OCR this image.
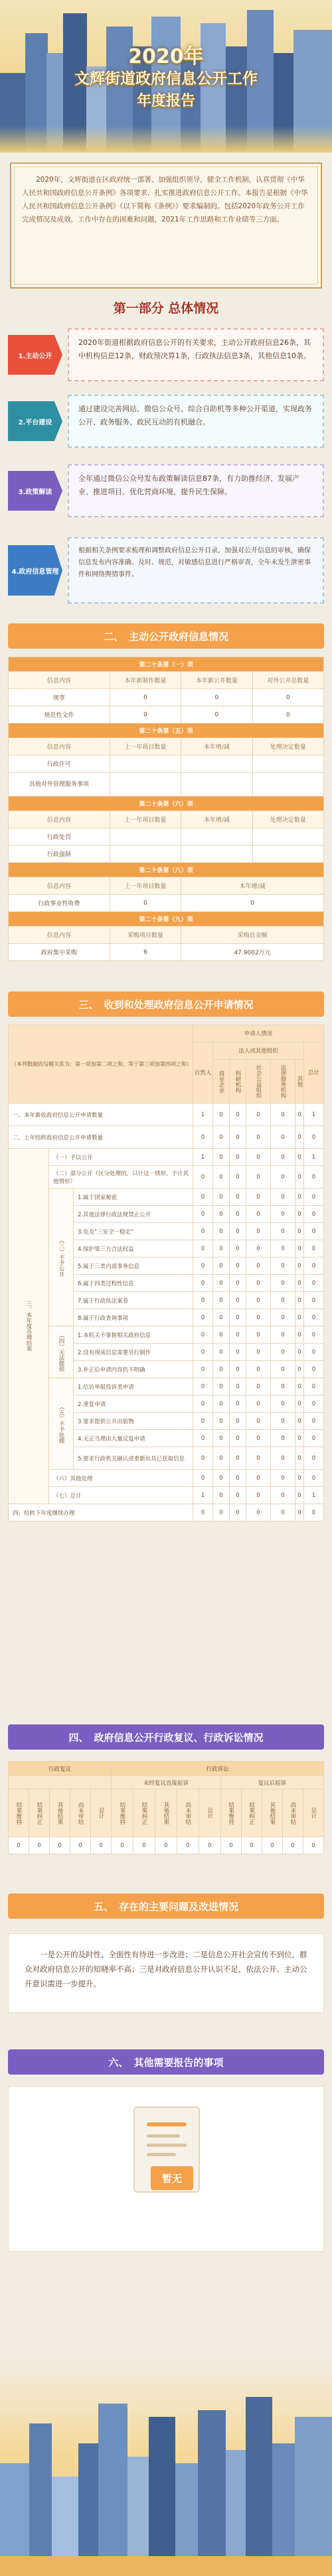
2020年
文辉街道政府信息公开工作
年度报告

2020年，文辉街道在区政府统一部署、加强组织领导，健全工作机制，认真贯彻《中华人民共和国政府信息公开条例》各项要求，扎实推进政府信息公开工作。本报告是根据《中华人民共和国政府信息公开条例》（以下简称《条例》）要求编制的。包括2020年政务公开工作完成情况及成效，工作中存在的困难和问题，2021年工作思路和工作业绩等三方面。

第一部分 总体情况
1.主动公开
2020年街道根据政府信息公开的有关要求，主动公开政府信息26条，其中机构信息12条，财政预决算1条，行政执法信息3条，其他信息10条。
2.平台建设
通过建设完善网站、微信公众号、综合自助机等多种公开渠道，实现政务公开、政务服务、政民互动的有机融合。
3.政策解读
全年通过微信公众号发布政策解读信息87条，有力助推经济、发展产业、推进项目、优化营商环境，提升民生保障。
4.政府信息管理
根据相关条例要求梳理和调整政府信息公开目录，加强对公开信息的审核，确保信息发布内容准确、及时、规范，对敏感信息进行严格审查，全年未发生泄密事件和网络舆情事件。
二、 主动公开政府信息情况
第二十条第（一）项			
信息内容	本年新制作数量	本年新公开数量	对外公开总数量
规章	0	0	0
规范性文件	0	0	0
第二十条第（五）项			
信息内容	上一年项目数量	本年增/减	处理决定数量
行政许可			
其他对外管理服务事项			
第二十条第（六）项			
信息内容	上一年项目数量	本年增/减	处理决定数量
行政处罚			
行政强制			
第二十条第（八）项			
信息内容	上一年项目数量	本年增/减	
行政事业性收费	0	0	
第二十条第（九）项			
信息内容	采购项目数量	采购总金额	
政府集中采购	6	47.9002万元	
三、 收到和处理政府信息公开申请情况
（本列数据的勾稽关系为：第一项加第二项之和，等于第三项加第四项之和）			申请人情况						
			自然人	法人或其他组织					总计
				商业企业	科研机构	社会公益组织	法律服务机构	其他	
一、本年新收政府信息公开申请数量			1	0	0	0	0	0	1
二、上年结转政府信息公开申请数量			0	0	0	0	0	0	0
三、本年度办理结果	（一）予以公开		1	0	0	0	0	0	1
	（二）部分公开（区分处理的，只计这一情形，不计其他情形）		0	0	0	0	0	0	0
	（三）不予公开	1.属于国家秘密	0	0	0	0	0	0	0
		2.其他法律行政法规禁止公开	0	0	0	0	0	0	0
		3.危及"三安全一稳定"	0	0	0	0	0	0	0
		4.保护第三方合法权益	0	0	0	0	0	0	0
		5.属于三类内部事务信息	0	0	0	0	0	0	0
		6.属于四类过程性信息	0	0	0	0	0	0	0
		7.属于行政执法案卷	0	0	0	0	0	0	0
		8.属于行政查询事项	0	0	0	0	0	0	0
	（四）无法提供	1.本机关不掌握相关政府信息	0	0	0	0	0	0	0
		2.没有现成信息需要另行制作	0	0	0	0	0	0	0
		3.补正后申请内容仍不明确	0	0	0	0	0	0	0
	（五）不予处理	1.信访举报投诉类申请	0	0	0	0	0	0	0
		2.重复申请	0	0	0	0	0	0	0
		3.要求提供公开出版物	0	0	0	0	0	0	0
		4.无正当理由大量反复申请	0	0	0	0	0	0	0
		5.要求行政机关确认或重新出具已获取信息	0	0	0	0	0	0	0
	（六）其他处理		0	0	0	0	0	0	0
	（七）总计		1	0	0	0	0	0	1
四、结转下年度继续办理			0	0	0	0	0	0	0
四、 政府信息公开行政复议、行政诉讼情况
行政复议					行政诉讼									
					未经复议直接起诉					复议后起诉				
结果维持	结果纠正	其他结果	尚未审结	总计	结果维持	结果纠正	其他结果	尚未审结	总计	结果维持	结果纠正	其他结果	尚未审结	总计
0	0	0	0	0	0	0	0	0	0	0	0	0	0	0
五、 存在的主要问题及改进情况
一是公开的及时性、全面性有待进一步改进；二是信息公开社会宣传不到位，群众对政府信息公开的知晓率不高；三是对政府信息公开认识不足，依法公开、主动公开意识需进一步提升。
六、 其他需要报告的事项
暂无
